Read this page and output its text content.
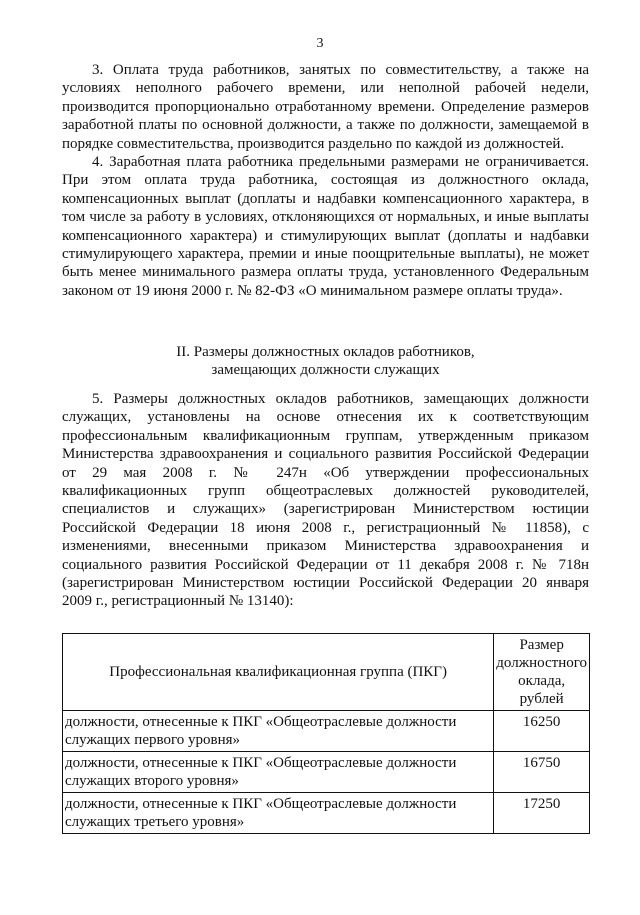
3

3. Оплата труда работников, занятых по совместительству, а также на условиях неполного рабочего времени, или неполной рабочей недели, производится пропорционально отработанному времени. Определение размеров заработной платы по основной должности, а также по должности, замещаемой в порядке совместительства, производится раздельно по каждой из должностей.

4. Заработная плата работника предельными размерами не ограничивается. При этом оплата труда работника, состоящая из должностного оклада, компенсационных выплат (доплаты и надбавки компенсационного характера, в том числе за работу в условиях, отклоняющихся от нормальных, и иные выплаты компенсационного характера) и стимулирующих выплат (доплаты и надбавки стимулирующего характера, премии и иные поощрительные выплаты), не может быть менее минимального размера оплаты труда, установленного Федеральным законом от 19 июня 2000 г. № 82-ФЗ «О минимальном размере оплаты труда».

II. Размеры должностных окладов работников,
замещающих должности служащих

5. Размеры должностных окладов работников, замещающих должности служащих, установлены на основе отнесения их к соответствующим профессиональным квалификационным группам, утвержденным приказом Министерства здравоохранения и социального развития Российской Федерации от 29 мая 2008 г. № 247н «Об утверждении профессиональных квалификационных групп общеотраслевых должностей руководителей, специалистов и служащих» (зарегистрирован Министерством юстиции Российской Федерации 18 июня 2008 г., регистрационный № 11858), с изменениями, внесенными приказом Министерства здравоохранения и социального развития Российской Федерации от 11 декабря 2008 г. № 718н (зарегистрирован Министерством юстиции Российской Федерации 20 января 2009 г., регистрационный № 13140):

Профессиональная квалификационная группа (ПКГ)	Размер должностного оклада, рублей
должности, отнесенные к ПКГ «Общеотраслевые должности служащих первого уровня»	16250
должности, отнесенные к ПКГ «Общеотраслевые должности служащих второго уровня»	16750
должности, отнесенные к ПКГ «Общеотраслевые должности служащих третьего уровня»	17250
